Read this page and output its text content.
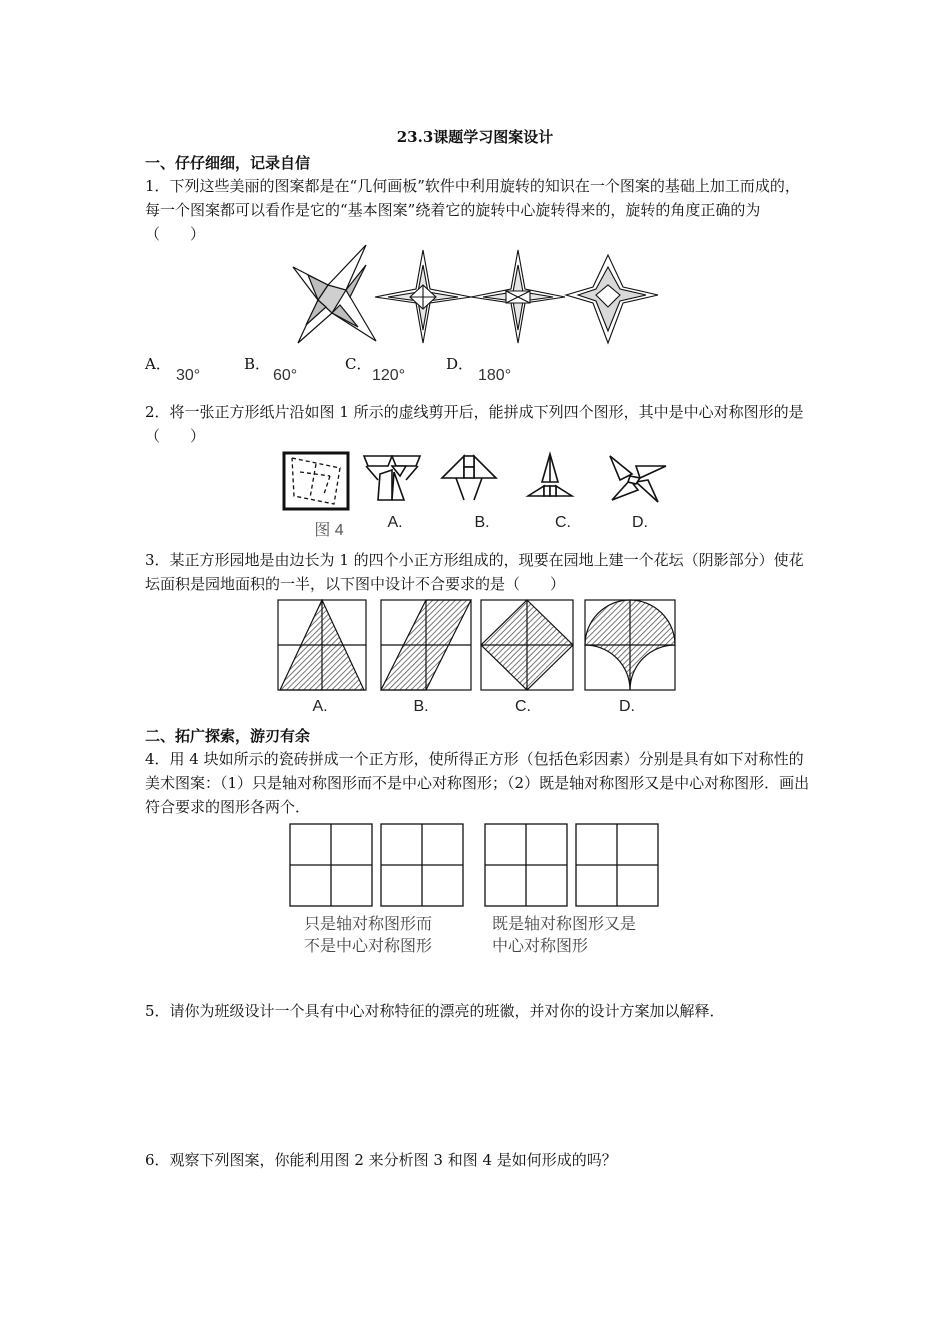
23.3课题学习图案设计
一、仔仔细细，记录自信
1．下列这些美丽的图案都是在“几何画板”软件中利用旋转的知识在一个图案的基础上加工而成的，每一个图案都可以看作是它的“基本图案”绕着它的旋转中心旋转得来的，旋转的角度正确的为（　　）
A．
30°
B．
60°
C．
120°
D．
180°
2．将一张正方形纸片沿如图 1 所示的虚线剪开后，能拼成下列四个图形，其中是中心对称图形的是（　　）
图 4	A.	B.	C.	D.
3．某正方形园地是由边长为 1 的四个小正方形组成的，现要在园地上建一个花坛（阴影部分）使花坛面积是园地面积的一半，以下图中设计不合要求的是（　　）
A.	B.	C.	D.
二、拓广探索，游刃有余
4．用 4 块如所示的瓷砖拼成一个正方形，使所得正方形（包括色彩因素）分别是具有如下对称性的美术图案：（1）只是轴对称图形而不是中心对称图形；（2）既是轴对称图形又是中心对称图形．画出符合要求的图形各两个．
只是轴对称图形而
不是中心对称图形
既是轴对称图形又是
中心对称图形
5．请你为班级设计一个具有中心对称特征的漂亮的班徽，并对你的设计方案加以解释．
6．观察下列图案，你能利用图 2 来分析图 3 和图 4 是如何形成的吗？
